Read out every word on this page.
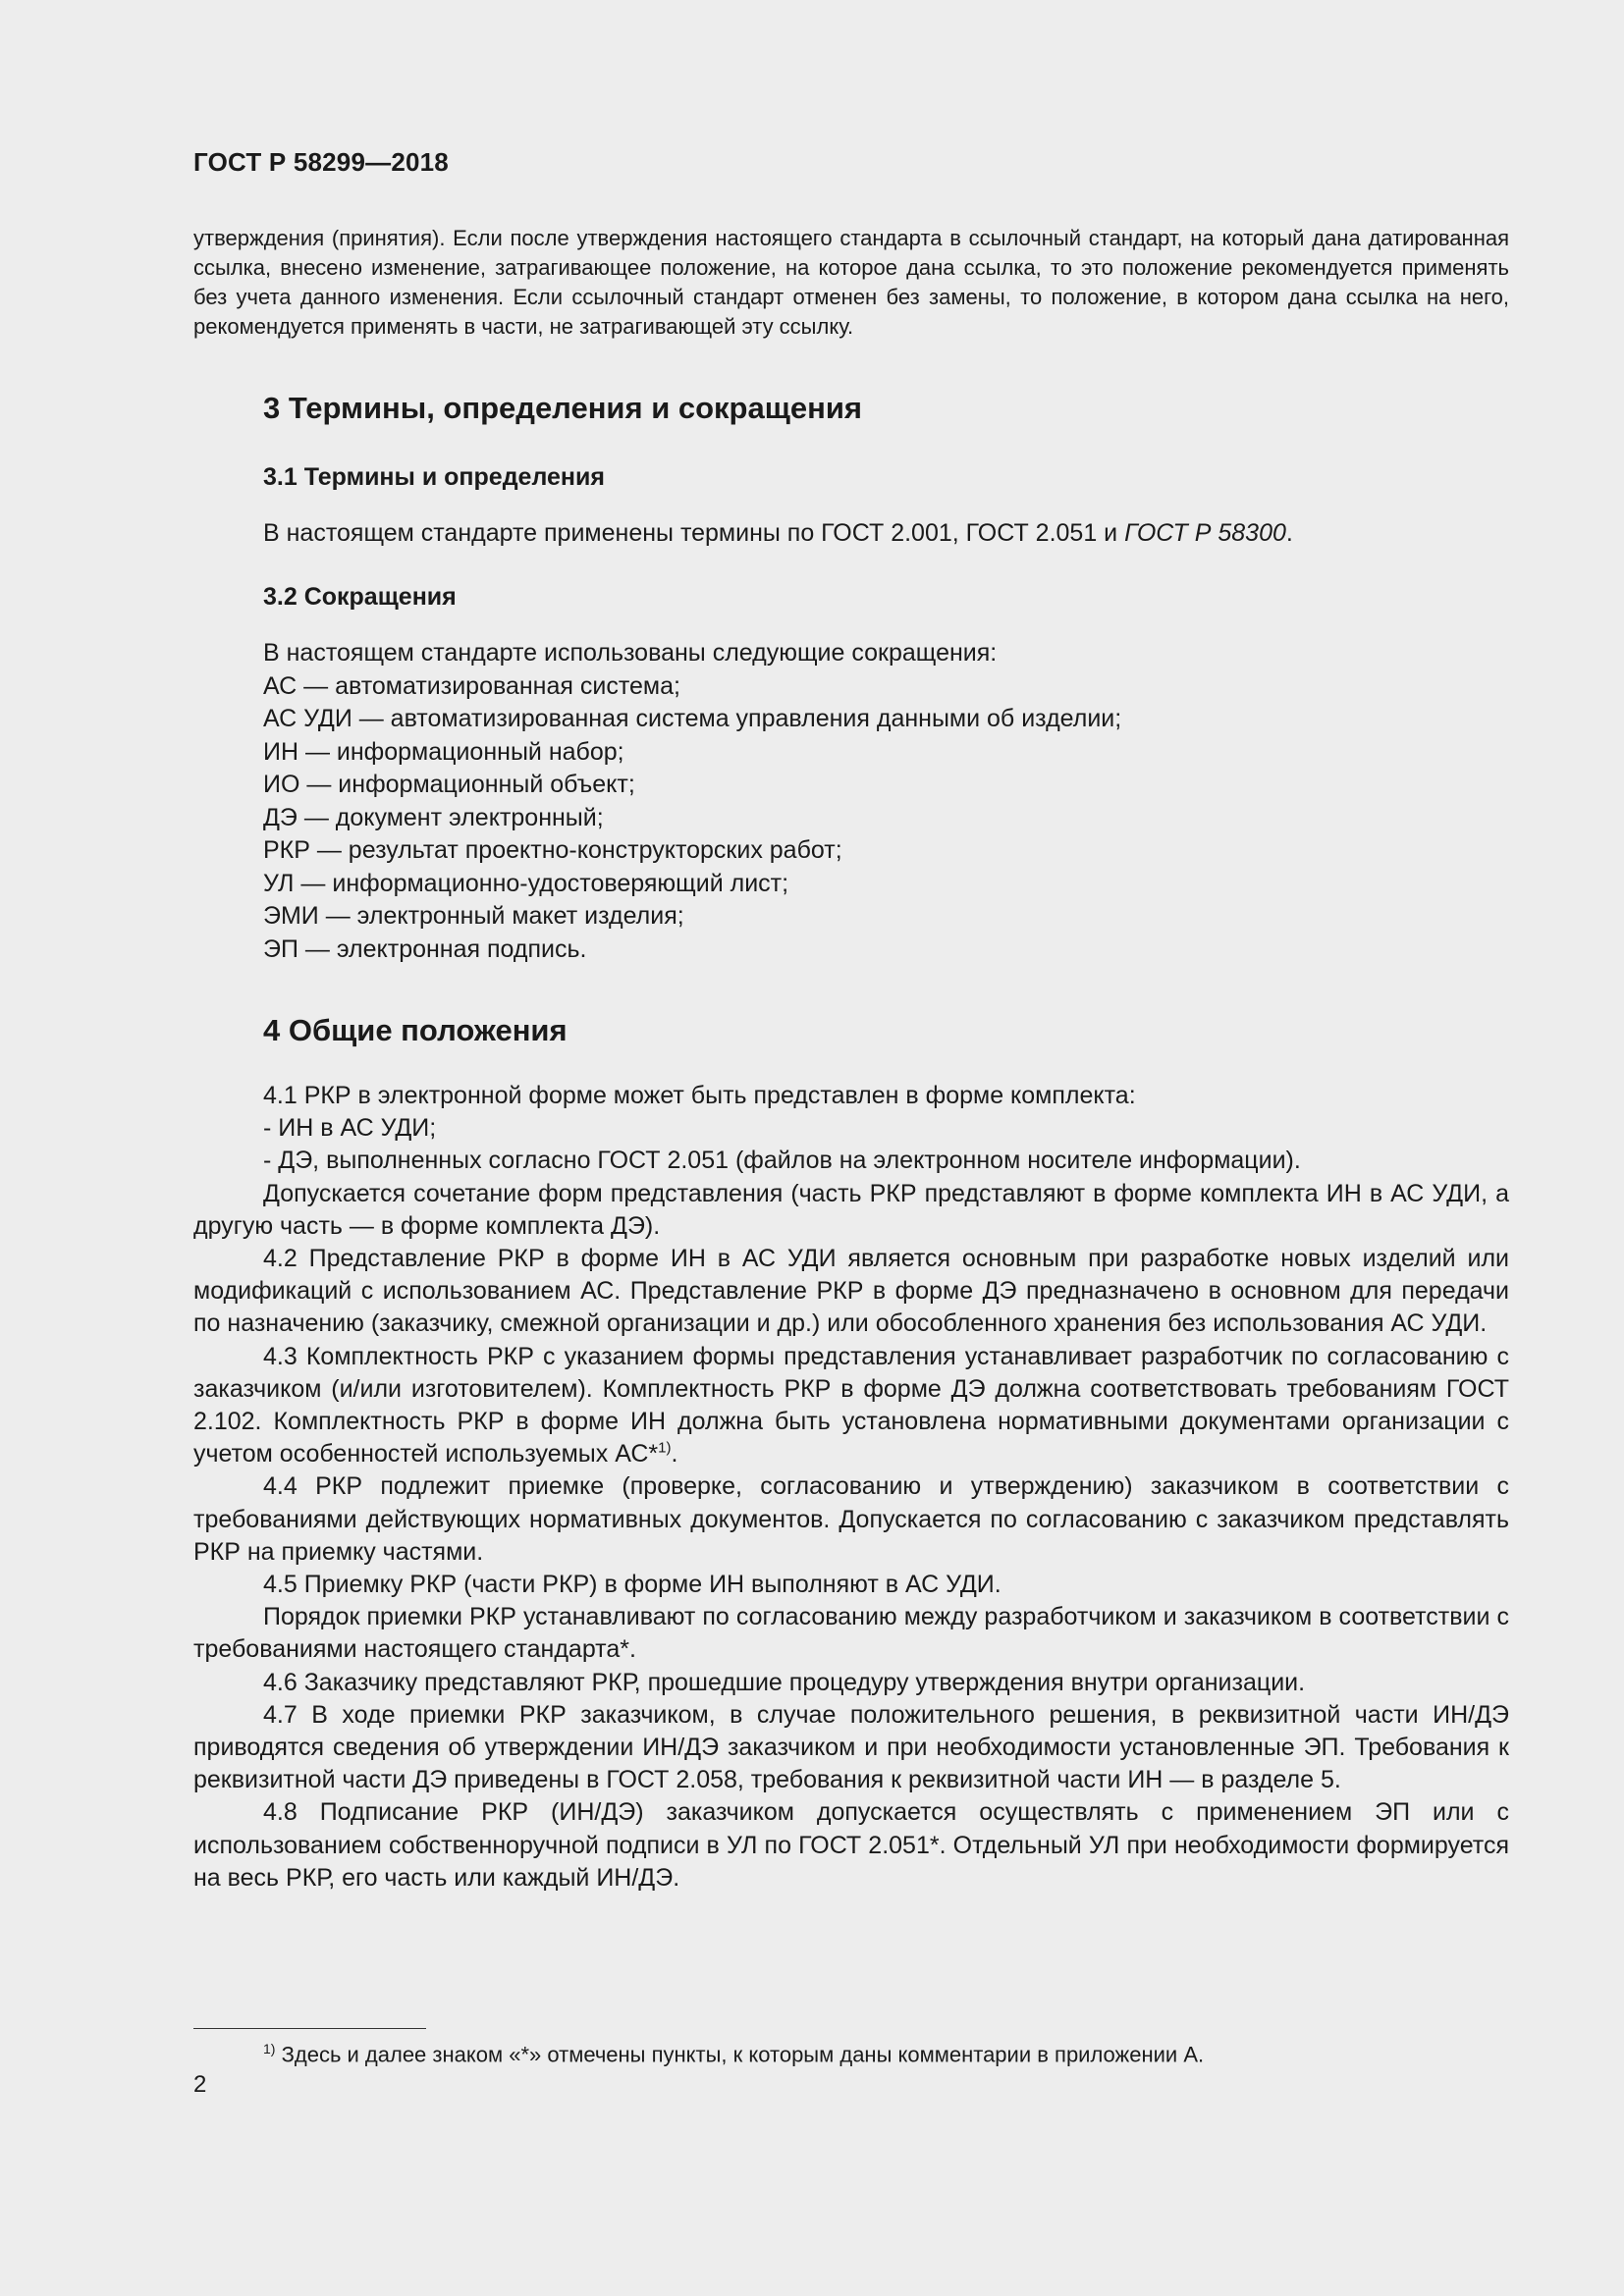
ГОСТ Р 58299—2018

утверждения (принятия). Если после утверждения настоящего стандарта в ссылочный стандарт, на который дана датированная ссылка, внесено изменение, затрагивающее положение, на которое дана ссылка, то это положение рекомендуется применять без учета данного изменения. Если ссылочный стандарт отменен без замены, то положение, в котором дана ссылка на него, рекомендуется применять в части, не затрагивающей эту ссылку.

3 Термины, определения и сокращения
3.1 Термины и определения
В настоящем стандарте применены термины по ГОСТ 2.001, ГОСТ 2.051 и ГОСТ Р 58300.
3.2 Сокращения
В настоящем стандарте использованы следующие сокращения:
АС — автоматизированная система;
АС УДИ — автоматизированная система управления данными об изделии;
ИН — информационный набор;
ИО — информационный объект;
ДЭ — документ электронный;
РКР — результат проектно-конструкторских работ;
УЛ — информационно-удостоверяющий лист;
ЭМИ — электронный макет изделия;
ЭП — электронная подпись.
4 Общие положения

4.1 РКР в электронной форме может быть представлен в форме комплекта:

- ИН в АС УДИ;

- ДЭ, выполненных согласно ГОСТ 2.051 (файлов на электронном носителе информации).

Допускается сочетание форм представления (часть РКР представляют в форме комплекта ИН в АС УДИ, а другую часть — в форме комплекта ДЭ).

4.2 Представление РКР в форме ИН в АС УДИ является основным при разработке новых изделий или модификаций с использованием АС. Представление РКР в форме ДЭ предназначено в основном для передачи по назначению (заказчику, смежной организации и др.) или обособленного хранения без использования АС УДИ.

4.3 Комплектность РКР с указанием формы представления устанавливает разработчик по согласованию с заказчиком (и/или изготовителем). Комплектность РКР в форме ДЭ должна соответствовать требованиям ГОСТ 2.102. Комплектность РКР в форме ИН должна быть установлена нормативными документами организации с учетом особенностей используемых АС*$^{1)}$.

4.4 РКР подлежит приемке (проверке, согласованию и утверждению) заказчиком в соответствии с требованиями действующих нормативных документов. Допускается по согласованию с заказчиком представлять РКР на приемку частями.

4.5 Приемку РКР (части РКР) в форме ИН выполняют в АС УДИ.

Порядок приемки РКР устанавливают по согласованию между разработчиком и заказчиком в соответствии с требованиями настоящего стандарта*.

4.6 Заказчику представляют РКР, прошедшие процедуру утверждения внутри организации.

4.7 В ходе приемки РКР заказчиком, в случае положительного решения, в реквизитной части ИН/ДЭ приводятся сведения об утверждении ИН/ДЭ заказчиком и при необходимости установленные ЭП. Требования к реквизитной части ДЭ приведены в ГОСТ 2.058, требования к реквизитной части ИН — в разделе 5.

4.8 Подписание РКР (ИН/ДЭ) заказчиком допускается осуществлять с применением ЭП или с использованием собственноручной подписи в УЛ по ГОСТ 2.051*. Отдельный УЛ при необходимости формируется на весь РКР, его часть или каждый ИН/ДЭ.

$^{1)}$ Здесь и далее знаком «*» отмечены пункты, к которым даны комментарии в приложении А.
2
